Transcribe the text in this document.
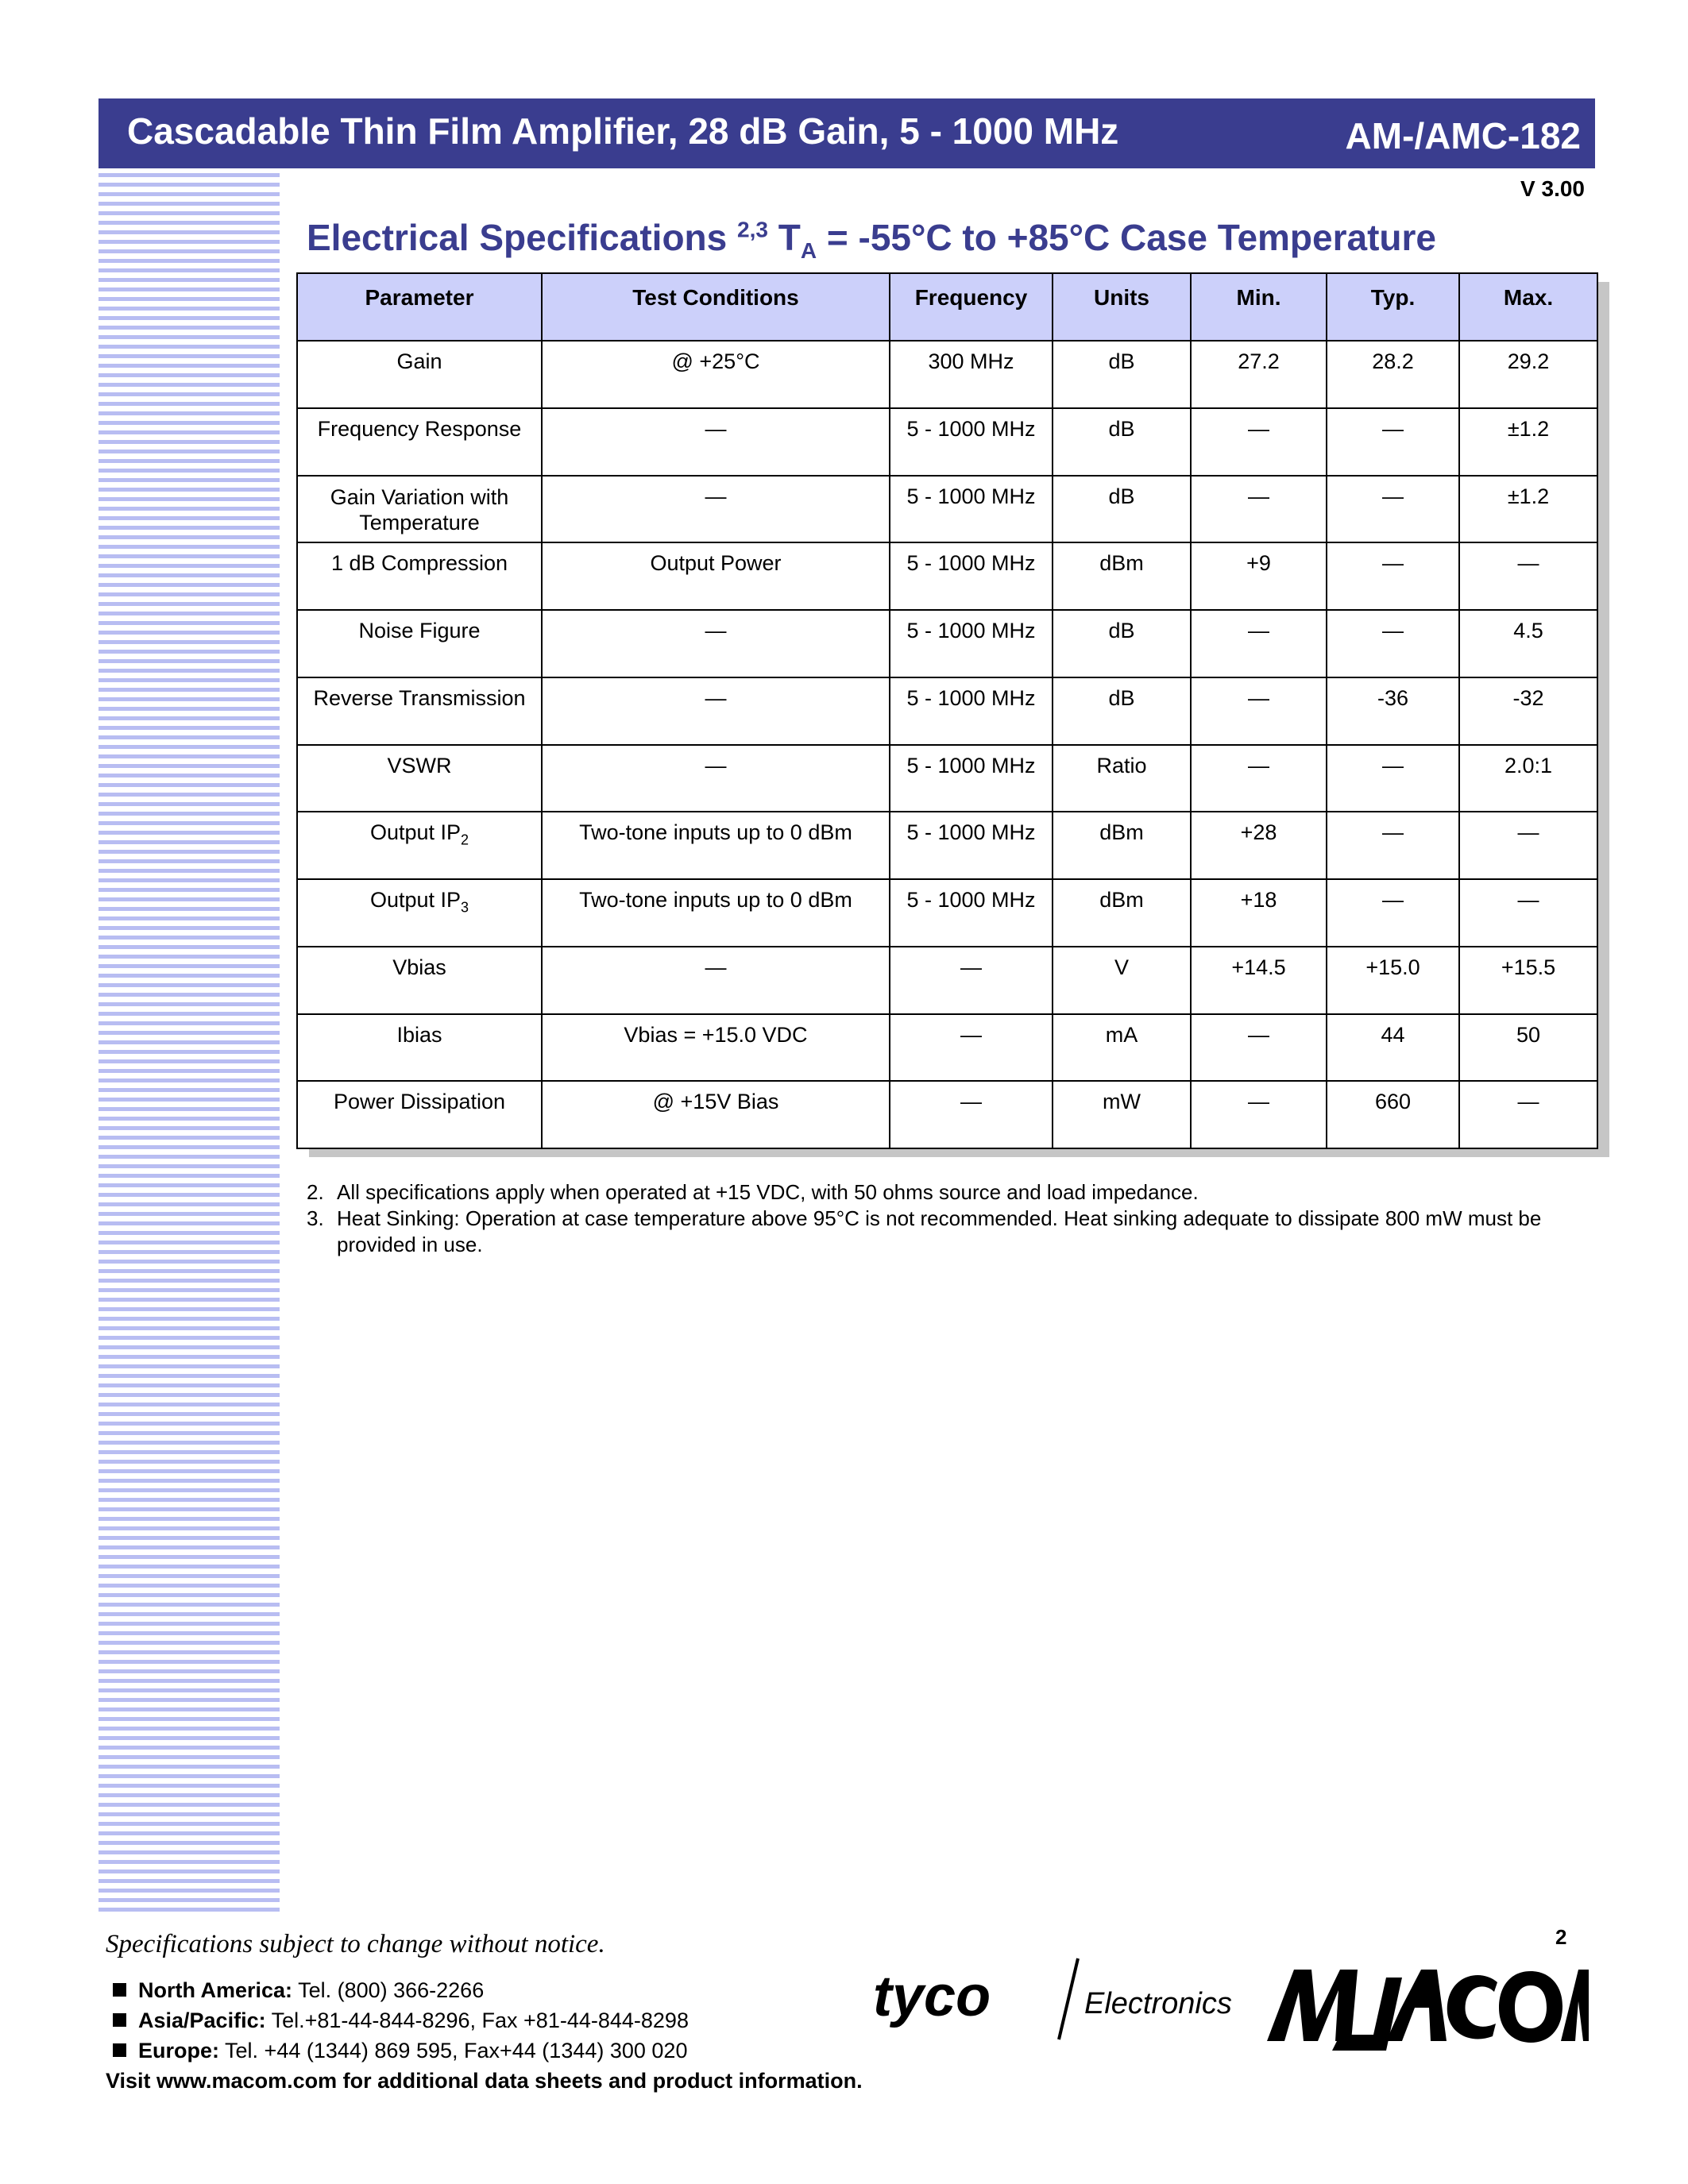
Cascadable Thin Film Amplifier, 28 dB Gain, 5 - 1000 MHz	AM-/AMC-182
V 3.00
Electrical Specifications $^{2,3}$ $T_A = -55^\circ C$ to +85°C Case Temperature
Parameter	Test Conditions	Frequency	Units	Min.	Typ.	Max.
Gain	@ +25°C	300 MHz	dB	27.2	28.2	29.2
Frequency Response	—	5 - 1000 MHz	dB	—	—	±1.2
Gain Variation with Temperature	—	5 - 1000 MHz	dB	—	—	±1.2
1 dB Compression	Output Power	5 - 1000 MHz	dBm	+9	—	—
Noise Figure	—	5 - 1000 MHz	dB	—	—	4.5
Reverse Transmission	—	5 - 1000 MHz	dB	—	-36	-32
VSWR	—	5 - 1000 MHz	Ratio	—	—	2.0:1
Output $IP_2$	Two-tone inputs up to 0 dBm	5 - 1000 MHz	dBm	+28	—	—
Output $IP_3$	Two-tone inputs up to 0 dBm	5 - 1000 MHz	dBm	+18	—	—
Vbias	—	—	V	+14.5	+15.0	+15.5
Ibias	Vbias = +15.0 VDC	—	mA	—	44	50
Power Dissipation	@ +15V Bias	—	mW	—	660	—
2. All specifications apply when operated at +15 VDC, with 50 ohms source and load impedance.
3. Heat Sinking: Operation at case temperature above 95°C is not recommended. Heat sinking adequate to dissipate 800 mW must be provided in use.
Specifications subject to change without notice.	2
North America: Tel. (800) 366-2266
Asia/Pacific: Tel.+81-44-844-8296, Fax +81-44-844-8298
Europe: Tel. +44 (1344) 869 595, Fax+44 (1344) 300 020
Visit www.macom.com for additional data sheets and product information.
tyco	Electronics
M/A-COM
